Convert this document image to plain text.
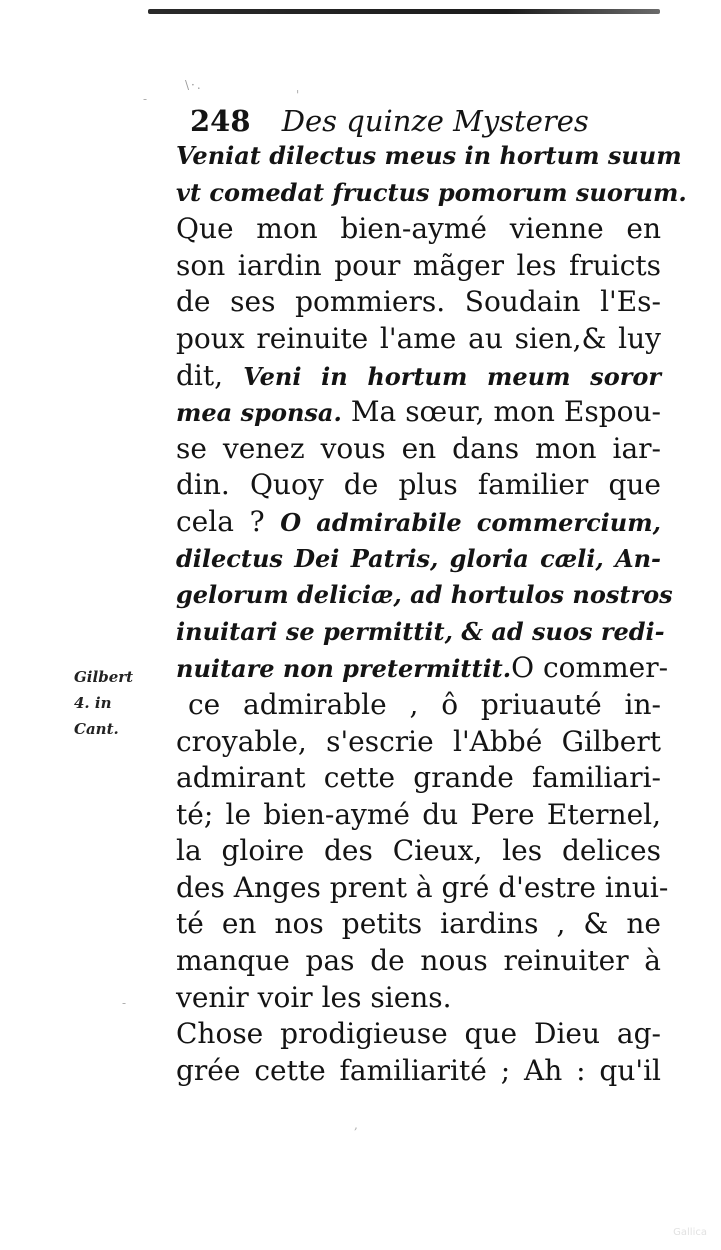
\·.
-	'
-
,
248 Des quinze Mysteres
Veniat dilectus meus in hortum suum
vt comedat fructus pomorum suorum.
Que mon bien-aymé vienne en
son iardin pour mãger les fruicts
de ses pommiers. Soudain l'Es-
poux reinuite l'ame au sien,& luy
dit, Veni in hortum meum soror
mea sponsa. Ma sœur, mon Espou-
se venez vous en dans mon iar-
din. Quoy de plus familier que
cela ? O admirabile commercium,
dilectus Dei Patris, gloria cæli, An-
gelorum deliciæ, ad hortulos nostros
inuitari se permittit, & ad suos redi-
nuitare non pretermittit.O commer-
ce admirable , ô priuauté in-
croyable, s'escrie l'Abbé Gilbert
admirant cette grande familiari-
té; le bien-aymé du Pere Eternel,
la gloire des Cieux, les delices
des Anges prent à gré d'estre inui-
té en nos petits iardins , & ne
manque pas de nous reinuiter à
venir voir les siens.
Chose prodigieuse que Dieu ag-
grée cette familiarité ; Ah : qu'il
Gilbert
4. in
Cant.
Gallica
